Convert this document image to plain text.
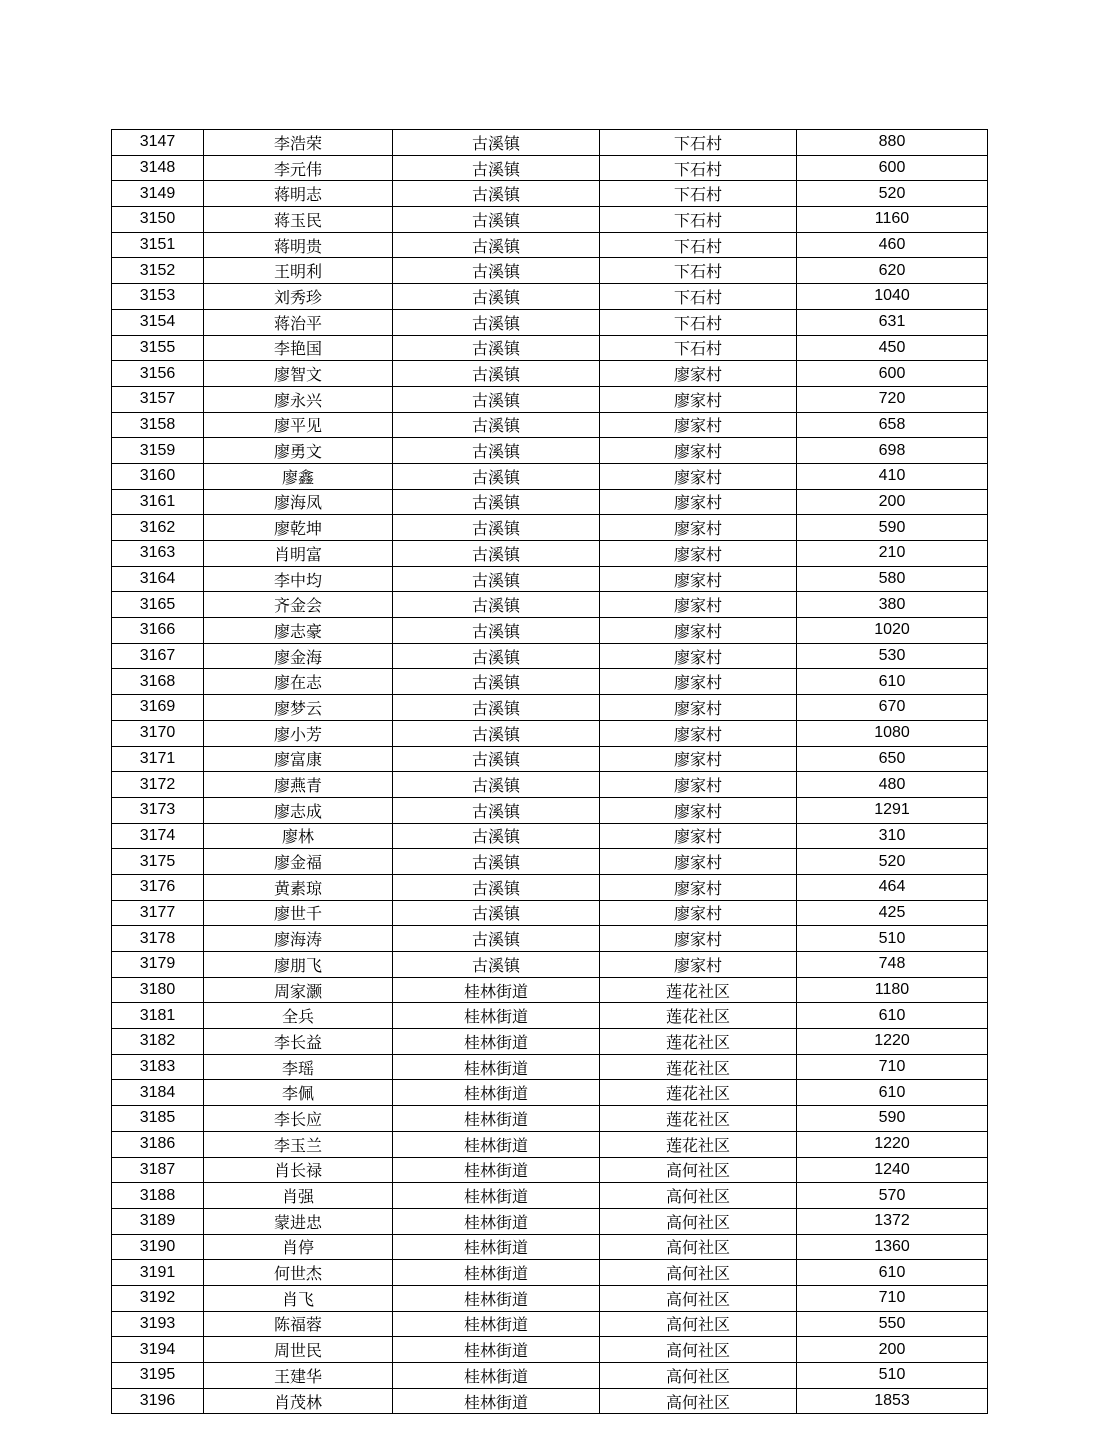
3147	李浩荣	古溪镇	下石村	880
3148	李元伟	古溪镇	下石村	600
3149	蒋明志	古溪镇	下石村	520
3150	蒋玉民	古溪镇	下石村	1160
3151	蒋明贵	古溪镇	下石村	460
3152	王明利	古溪镇	下石村	620
3153	刘秀珍	古溪镇	下石村	1040
3154	蒋治平	古溪镇	下石村	631
3155	李艳国	古溪镇	下石村	450
3156	廖智文	古溪镇	廖家村	600
3157	廖永兴	古溪镇	廖家村	720
3158	廖平见	古溪镇	廖家村	658
3159	廖勇文	古溪镇	廖家村	698
3160	廖鑫	古溪镇	廖家村	410
3161	廖海凤	古溪镇	廖家村	200
3162	廖乾坤	古溪镇	廖家村	590
3163	肖明富	古溪镇	廖家村	210
3164	李中均	古溪镇	廖家村	580
3165	齐金会	古溪镇	廖家村	380
3166	廖志豪	古溪镇	廖家村	1020
3167	廖金海	古溪镇	廖家村	530
3168	廖在志	古溪镇	廖家村	610
3169	廖梦云	古溪镇	廖家村	670
3170	廖小芳	古溪镇	廖家村	1080
3171	廖富康	古溪镇	廖家村	650
3172	廖燕青	古溪镇	廖家村	480
3173	廖志成	古溪镇	廖家村	1291
3174	廖林	古溪镇	廖家村	310
3175	廖金福	古溪镇	廖家村	520
3176	黄素琼	古溪镇	廖家村	464
3177	廖世千	古溪镇	廖家村	425
3178	廖海涛	古溪镇	廖家村	510
3179	廖朋飞	古溪镇	廖家村	748
3180	周家灏	桂林街道	莲花社区	1180
3181	全兵	桂林街道	莲花社区	610
3182	李长益	桂林街道	莲花社区	1220
3183	李瑶	桂林街道	莲花社区	710
3184	李佩	桂林街道	莲花社区	610
3185	李长应	桂林街道	莲花社区	590
3186	李玉兰	桂林街道	莲花社区	1220
3187	肖长禄	桂林街道	高何社区	1240
3188	肖强	桂林街道	高何社区	570
3189	蒙进忠	桂林街道	高何社区	1372
3190	肖停	桂林街道	高何社区	1360
3191	何世杰	桂林街道	高何社区	610
3192	肖飞	桂林街道	高何社区	710
3193	陈福蓉	桂林街道	高何社区	550
3194	周世民	桂林街道	高何社区	200
3195	王建华	桂林街道	高何社区	510
3196	肖茂林	桂林街道	高何社区	1853
